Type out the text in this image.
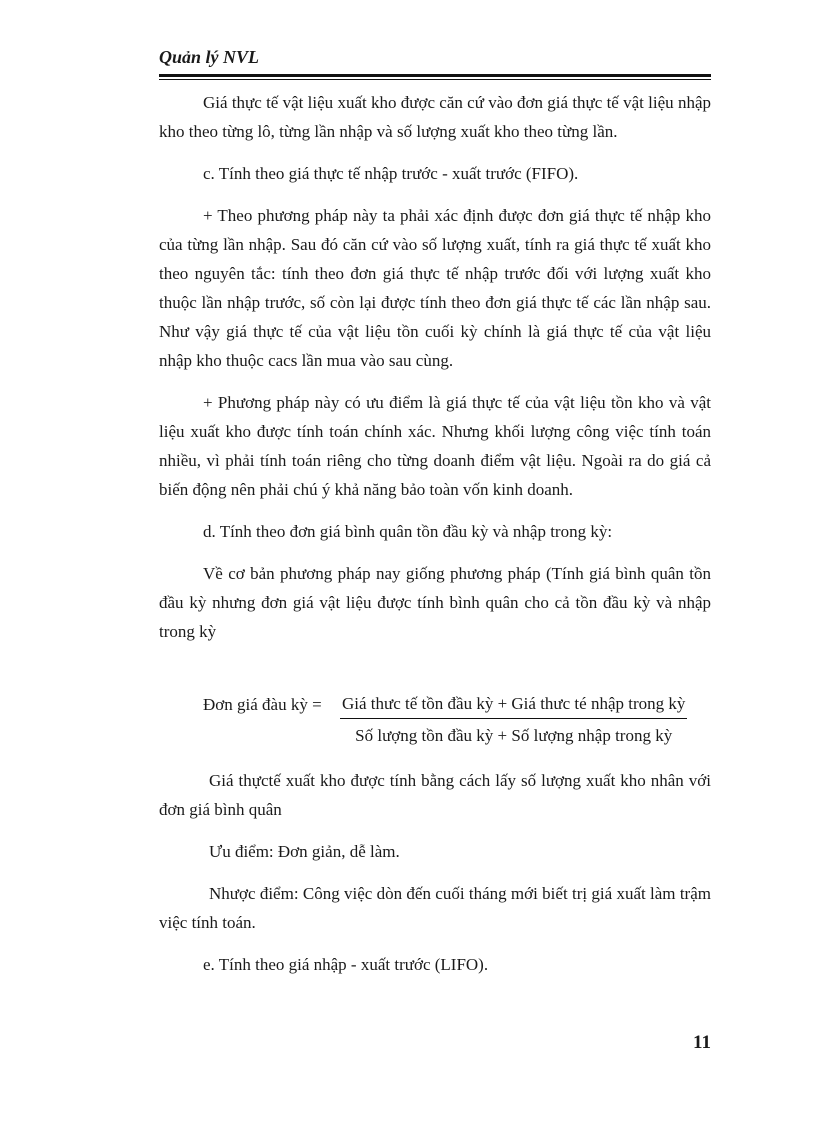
Quản lý NVL

Giá thực tế vật liệu xuất kho được căn cứ vào đơn giá thực tế vật liệu nhập kho theo từng lô, từng lần nhập và số lượng xuất kho theo từng lần.

c. Tính theo giá thực tế nhập trước - xuất trước (FIFO).

+ Theo phương pháp này ta phải xác định được đơn giá thực tế nhập kho của từng lần nhập. Sau đó căn cứ vào số lượng xuất, tính ra giá thực tế xuất kho theo nguyên tắc: tính theo đơn giá thực tế nhập trước đối với lượng xuất kho thuộc lần nhập trước, số còn lại được tính theo đơn giá thực tế các lần nhập sau. Như vậy giá thực tế của vật liệu tồn cuối kỳ chính là giá thực tế của vật liệu nhập kho thuộc cacs lần mua vào sau cùng.

+ Phương pháp này có ưu điểm là giá thực tế của vật liệu tồn kho và vật liệu xuất kho được tính toán chính xác. Nhưng khối lượng công việc tính toán nhiều, vì phải tính toán riêng cho từng doanh điểm vật liệu. Ngoài ra do giá cả biến động nên phải chú ý khả năng bảo toàn vốn kinh doanh.

d. Tính theo đơn giá bình quân tồn đầu kỳ và nhập trong kỳ:

Về cơ bản phương pháp nay giống phương pháp (Tính giá bình quân tồn đầu kỳ nhưng đơn giá vật liệu được tính bình quân cho cả tồn đầu kỳ và nhập trong kỳ

Đơn giá đàu kỳ =	$\frac{\text{Giá thưc tế tồn đầu kỳ + Giá thưc té nhập trong kỳ}}{\text{Số lượng tồn đầu kỳ + Số lượng nhập trong kỳ}}$

Giá thựctế xuất kho được tính bằng cách lấy số lượng xuất kho nhân với đơn giá bình quân

Ưu điểm: Đơn giản, dễ làm.

Nhược điểm: Công việc dòn đến cuối tháng mới biết trị giá xuất làm trậm việc tính toán.

e. Tính theo giá nhập - xuất trước (LIFO).

11
